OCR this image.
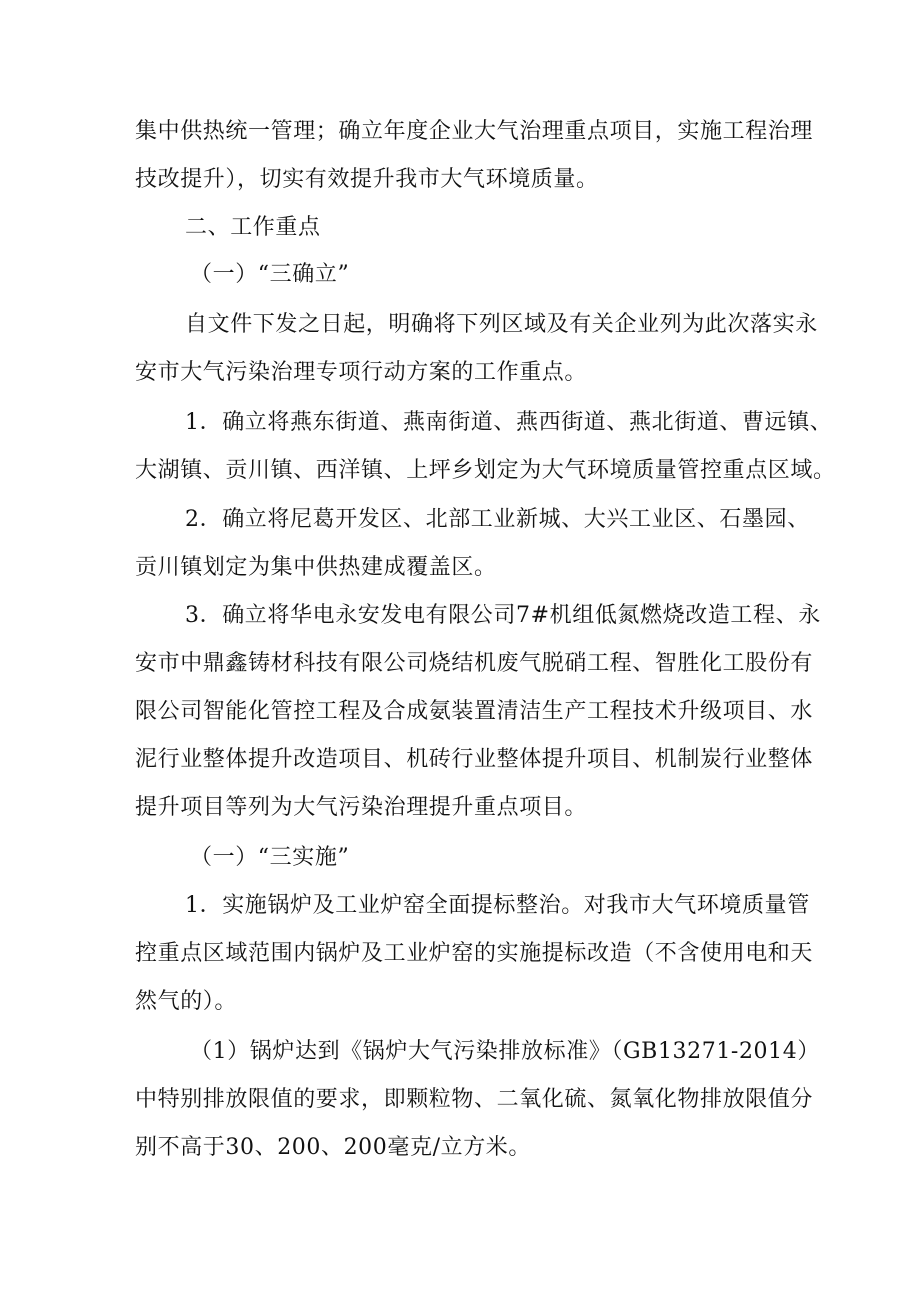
集中供热统一管理；确立年度企业大气治理重点项目，实施工程治理
技改提升），切实有效提升我市大气环境质量。
二、工作重点
（一）“三确立”
自文件下发之日起，明确将下列区域及有关企业列为此次落实永
安市大气污染治理专项行动方案的工作重点。
1．确立将燕东街道、燕南街道、燕西街道、燕北街道、曹远镇、
大湖镇、贡川镇、西洋镇、上坪乡划定为大气环境质量管控重点区域。
2．确立将尼葛开发区、北部工业新城、大兴工业区、石墨园、
贡川镇划定为集中供热建成覆盖区。
3．确立将华电永安发电有限公司7#机组低氮燃烧改造工程、永
安市中鼎鑫铸材科技有限公司烧结机废气脱硝工程、智胜化工股份有
限公司智能化管控工程及合成氨装置清洁生产工程技术升级项目、水
泥行业整体提升改造项目、机砖行业整体提升项目、机制炭行业整体
提升项目等列为大气污染治理提升重点项目。
（一）“三实施”
1．实施锅炉及工业炉窑全面提标整治。对我市大气环境质量管
控重点区域范围内锅炉及工业炉窑的实施提标改造（不含使用电和天
然气的）。
（1）锅炉达到《锅炉大气污染排放标准》（GB13271-2014）
中特别排放限值的要求，即颗粒物、二氧化硫、氮氧化物排放限值分
别不高于30、200、200毫克/立方米。
